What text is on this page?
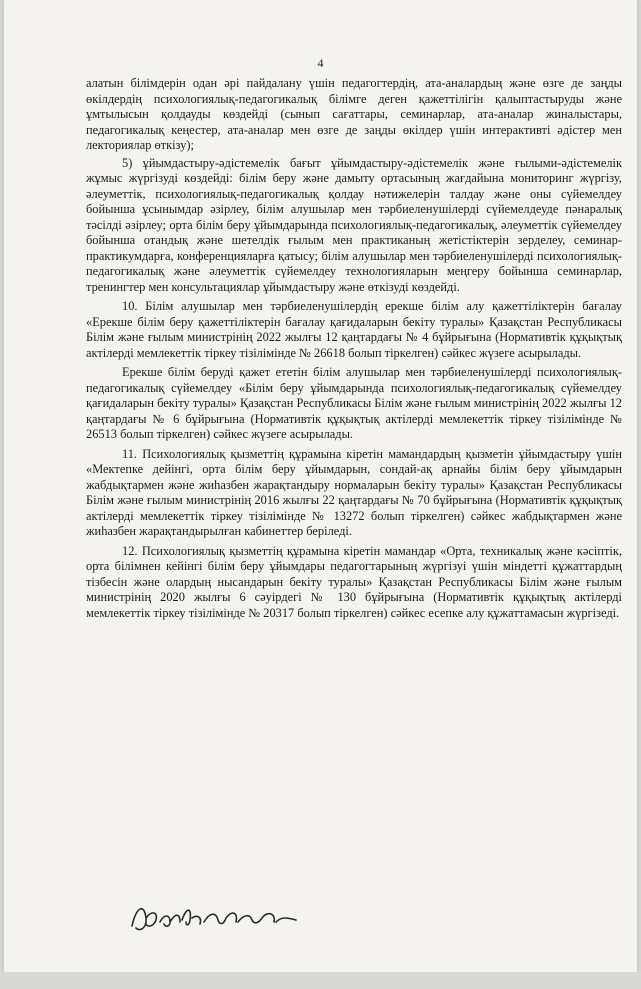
4

алатын білімдерін одан әрі пайдалану үшін педагогтердің, ата-аналардың және өзге де заңды өкілдердің психологиялық-педагогикалық білімге деген қажеттілігін қалыптастыруды және ұмтылысын қолдауды көздейді (сынып сағаттары, семинарлар, ата-аналар жиналыстары, педагогикалық кеңестер, ата-аналар мен өзге де заңды өкілдер үшін интерактивті әдістер мен лекториялар өткізу);

5) ұйымдастыру-әдістемелік бағыт ұйымдастыру-әдістемелік және ғылыми-әдістемелік жұмыс жүргізуді көздейді: білім беру және дамыту ортасының жағдайына мониторинг жүргізу, әлеуметтік, психологиялық-педагогикалық қолдау нәтижелерін талдау және оны сүйемелдеу бойынша ұсынымдар әзірлеу, білім алушылар мен тәрбиеленушілерді сүйемелдеуде пәнаралық тәсілді әзірлеу; орта білім беру ұйымдарында психологиялық-педагогикалық, әлеуметтік сүйемелдеу бойынша отандық және шетелдік ғылым мен практиканың жетістіктерін зерделеу, семинар-практикумдарға, конференцияларға қатысу; білім алушылар мен тәрбиеленушілерді психологиялық-педагогикалық және әлеуметтік сүйемелдеу технологияларын меңгеру бойынша семинарлар, тренингтер мен консультациялар ұйымдастыру және өткізуді көздейді.

10. Білім алушылар мен тәрбиеленушілердің ерекше білім алу қажеттіліктерін бағалау «Ерекше білім беру қажеттіліктерін бағалау қағидаларын бекіту туралы» Қазақстан Республикасы Білім және ғылым министрінің 2022 жылғы 12 қаңтардағы № 4 бұйрығына (Нормативтік құқықтық актілерді мемлекеттік тіркеу тізілімінде № 26618 болып тіркелген) сәйкес жүзеге асырылады.

Ерекше білім беруді қажет ететін білім алушылар мен тәрбиеленушілерді психологиялық-педагогикалық сүйемелдеу «Білім беру ұйымдарында психологиялық-педагогикалық сүйемелдеу қағидаларын бекіту туралы» Қазақстан Республикасы Білім және ғылым министрінің 2022 жылғы 12 қаңтардағы № 6 бұйрығына (Нормативтік құқықтық актілерді мемлекеттік тіркеу тізілімінде № 26513 болып тіркелген) сәйкес жүзеге асырылады.

11. Психологиялық қызметтің құрамына кіретін мамандардың қызметін ұйымдастыру үшін «Мектепке дейінгі, орта білім беру ұйымдарын, сондай-ақ арнайы білім беру ұйымдарын жабдықтармен және жиһазбен жарақтандыру нормаларын бекіту туралы» Қазақстан Республикасы Білім және ғылым министрінің 2016 жылғы 22 қаңтардағы № 70 бұйрығына (Нормативтік құқықтық актілерді мемлекеттік тіркеу тізілімінде № 13272 болып тіркелген) сәйкес жабдықтармен және жиһазбен жарақтандырылған кабинеттер беріледі.

12. Психологиялық қызметтің құрамына кіретін мамандар «Орта, техникалық және кәсіптік, орта білімнен кейінгі білім беру ұйымдары педагогтарының жүргізуі үшін міндетті құжаттардың тізбесін және олардың нысандарын бекіту туралы» Қазақстан Республикасы Білім және ғылым министрінің 2020 жылғы 6 сәуірдегі № 130 бұйрығына (Нормативтік құқықтық актілерді мемлекеттік тіркеу тізілімінде № 20317 болып тіркелген) сәйкес есепке алу құжаттамасын жүргізеді.
